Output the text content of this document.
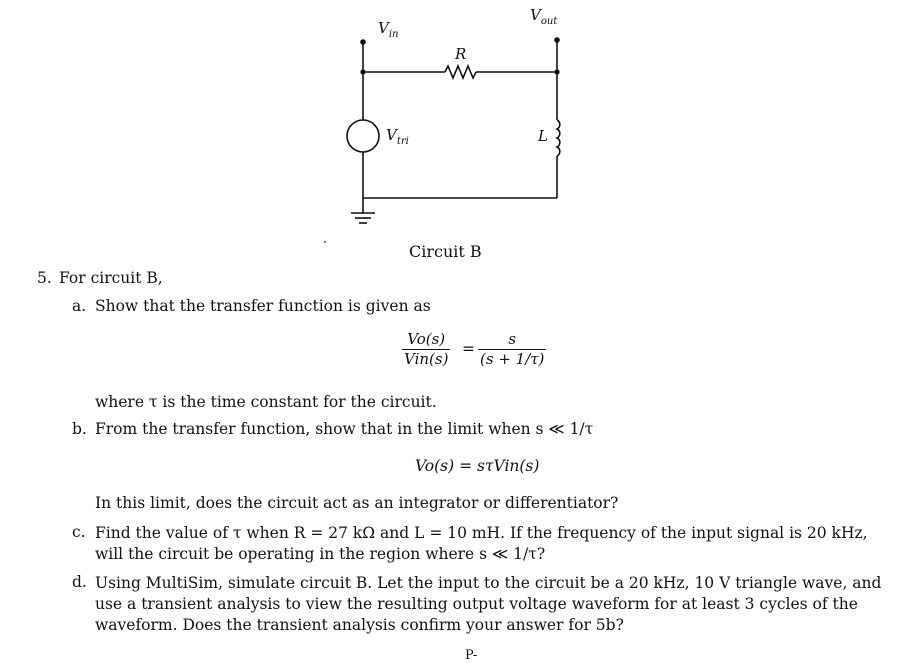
$V_{in}$
$V_{out}$
R
$V_{tri}$	L
Circuit B
5. For circuit B,
a. Show that the transfer function is given as
Vo(s)
Vin(s)
= $\frac{s}{(s + 1/\tau)}$
where τ is the time constant for the circuit.
b. From the transfer function, show that in the limit when s ≪ 1/τ
Vo(s) = sτVin(s)
In this limit, does the circuit act as an integrator or differentiator?
c. Find the value of τ when R = 27 kΩ and L = 10 mH. If the frequency of the input signal is 20 kHz, will the circuit be operating in the region where s ≪ 1/τ?
d. Using MultiSim, simulate circuit B. Let the input to the circuit be a 20 kHz, 10 V triangle wave, and use a transient analysis to view the resulting output voltage waveform for at least 3 cycles of the waveform. Does the transient analysis confirm your answer for 5b?
P-
